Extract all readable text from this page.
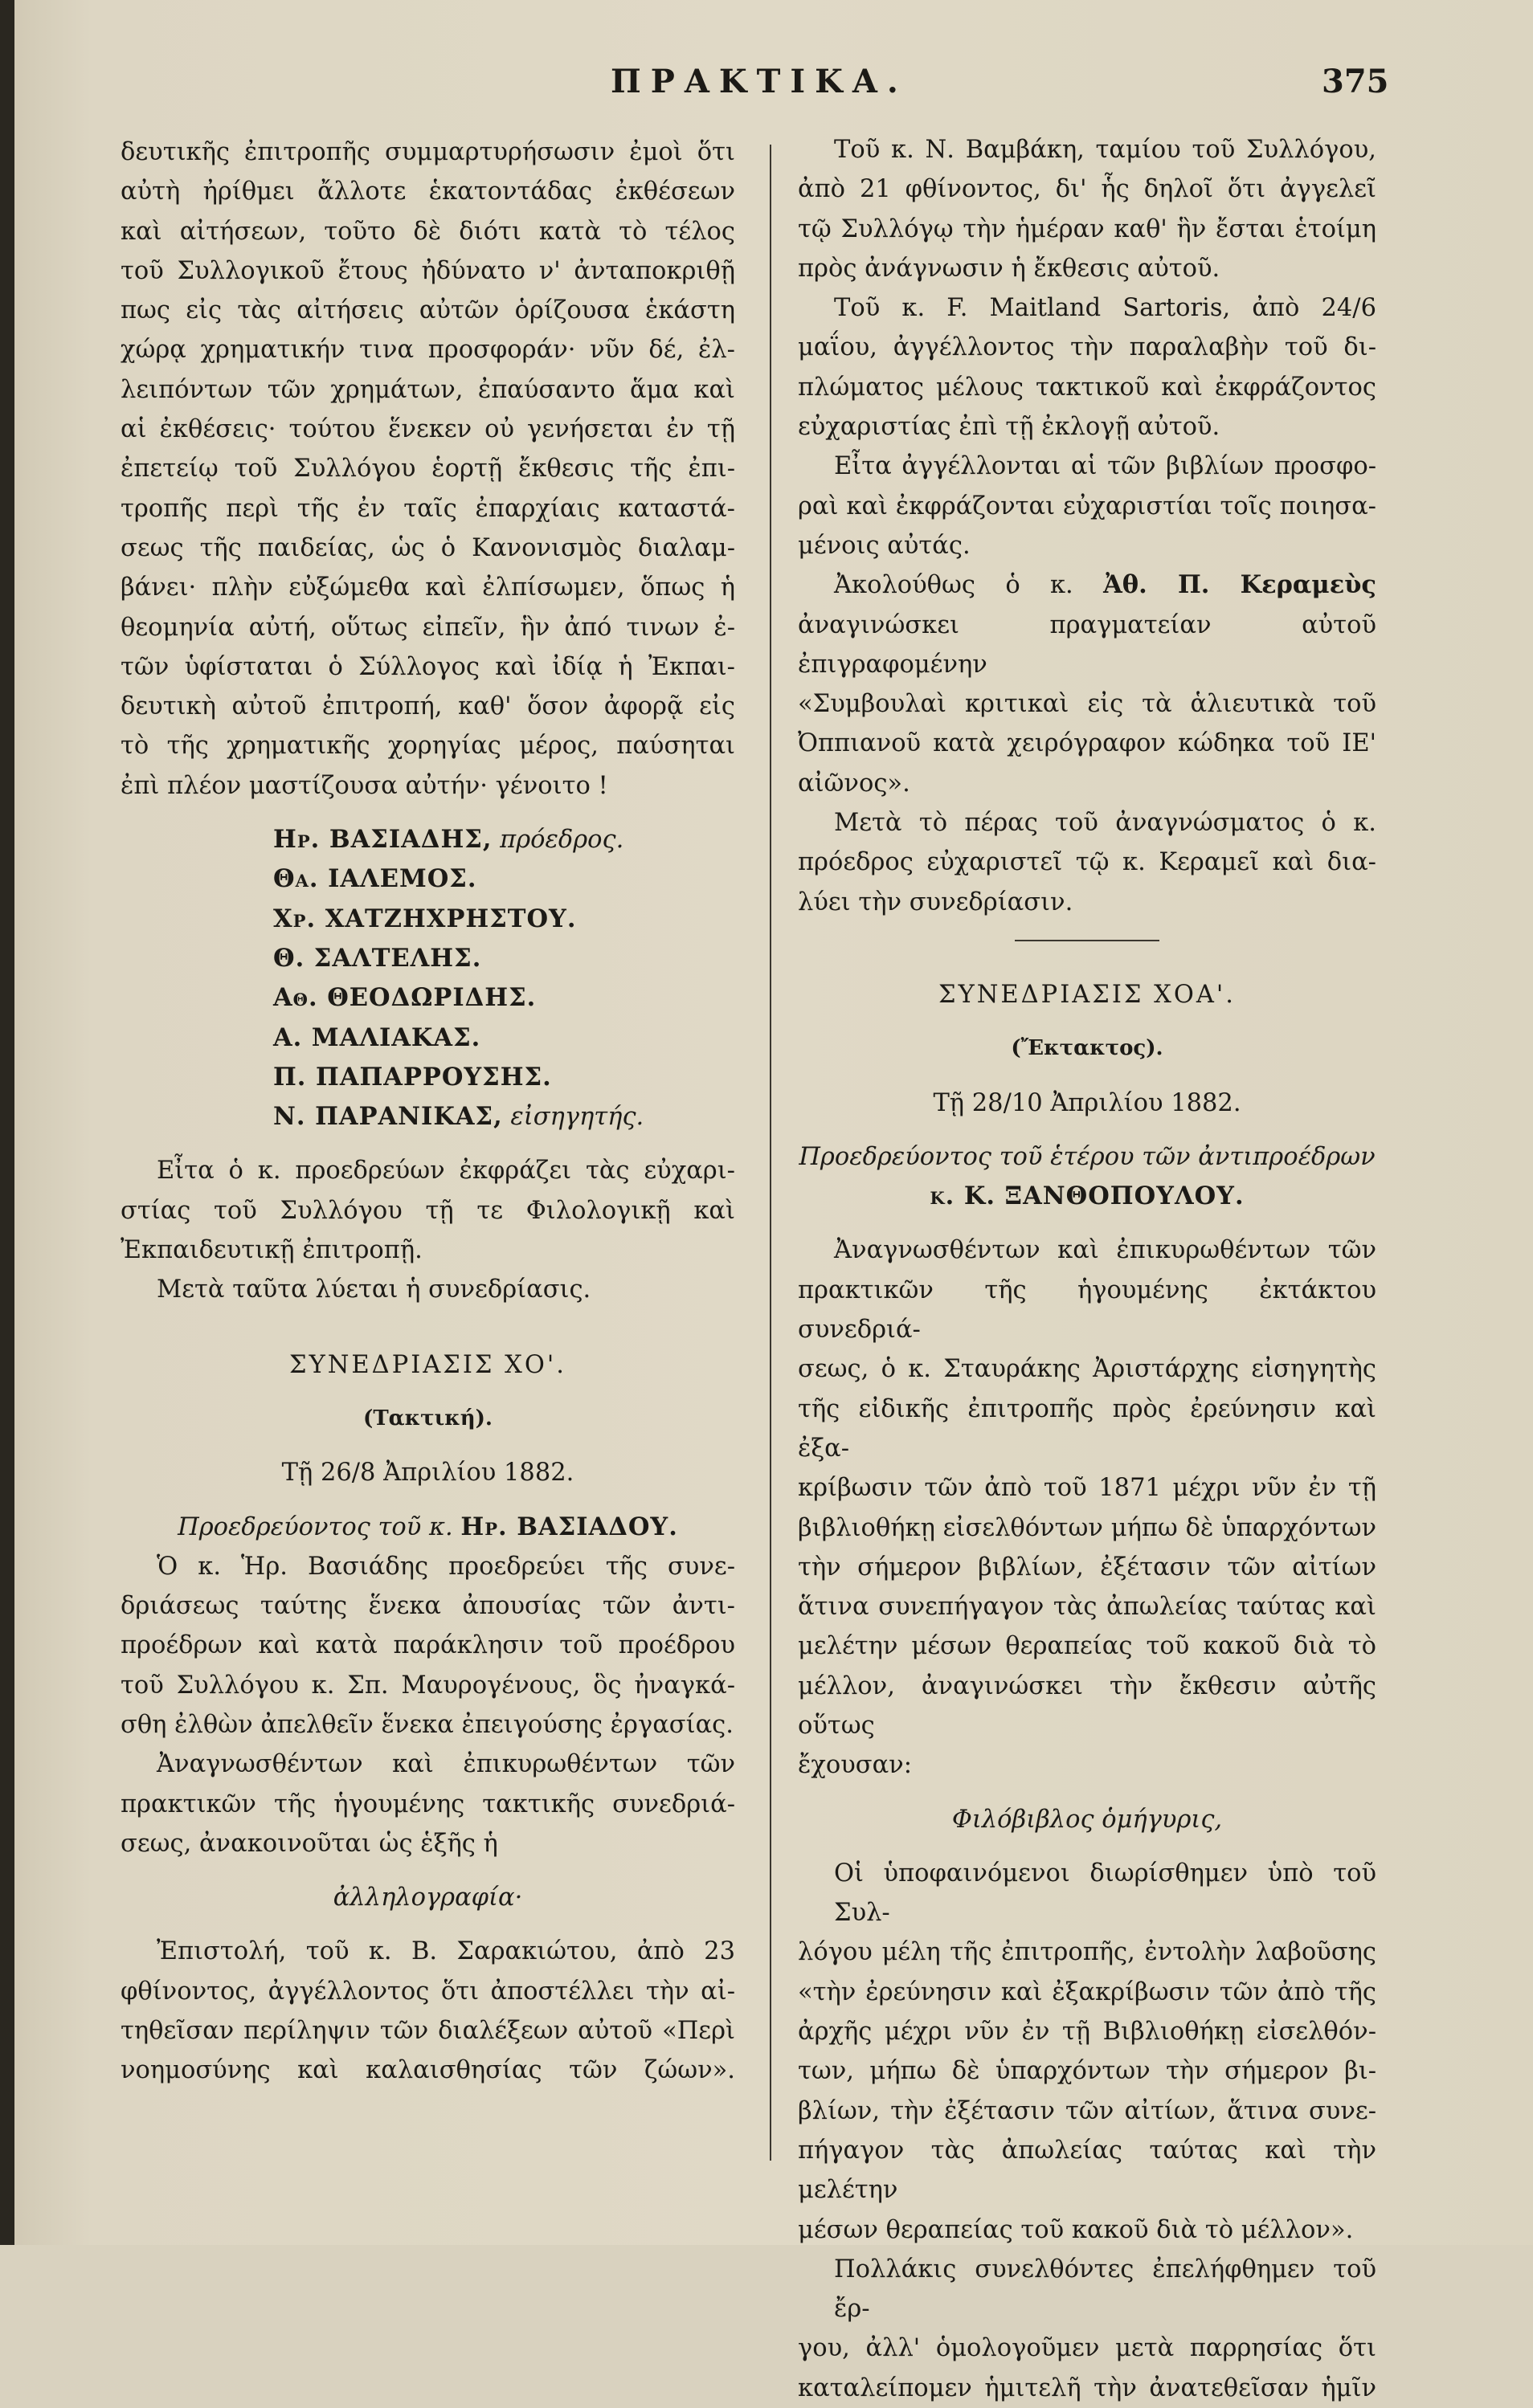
ΠΡΑΚΤΙΚΑ.	375
δευτικῆς ἐπιτροπῆς συμμαρτυρήσωσιν ἐμοὶ ὅτι
αὐτὴ ἠρίθμει ἄλλοτε ἑκατοντάδας ἐκθέσεων
καὶ αἰτήσεων, τοῦτο δὲ διότι κατὰ τὸ τέλος
τοῦ Συλλογικοῦ ἔτους ἠδύνατο ν' ἀνταποκριθῇ
πως εἰς τὰς αἰτήσεις αὐτῶν ὁρίζουσα ἑκάστη
χώρᾳ χρηματικήν τινα προσφοράν· νῦν δέ, ἐλ-
λειπόντων τῶν χρημάτων, ἐπαύσαντο ἅμα καὶ
αἱ ἐκθέσεις· τούτου ἕνεκεν οὐ γενήσεται ἐν τῇ
ἐπετείῳ τοῦ Συλλόγου ἑορτῇ ἔκθεσις τῆς ἐπι-
τροπῆς περὶ τῆς ἐν ταῖς ἐπαρχίαις καταστά-
σεως τῆς παιδείας, ὡς ὁ Κανονισμὸς διαλαμ-
βάνει· πλὴν εὐξώμεθα καὶ ἐλπίσωμεν, ὅπως ἡ
θεομηνία αὐτή, οὕτως εἰπεῖν, ἣν ἀπό τινων ἐ-
τῶν ὑφίσταται ὁ Σύλλογος καὶ ἰδίᾳ ἡ Ἐκπαι-
δευτικὴ αὐτοῦ ἐπιτροπή, καθ' ὅσον ἀφορᾷ εἰς
τὸ τῆς χρηματικῆς χορηγίας μέρος, παύσηται
ἐπὶ πλέον μαστίζουσα αὐτήν· γένοιτο !
Ηρ. ΒΑΣΙΑΔΗΣ, πρόεδρος.
Θα. ΙΑΛΕΜΟΣ.
Χρ. ΧΑΤΖΗΧΡΗΣΤΟΥ.
Θ. ΣΑΛΤΕΛΗΣ.
Αθ. ΘΕΟΔΩΡΙΔΗΣ.
Α. ΜΑΛΙΑΚΑΣ.
Π. ΠΑΠΑΡΡΟΥΣΗΣ.
Ν. ΠΑΡΑΝΙΚΑΣ, εἰσηγητής.
Εἶτα ὁ κ. προεδρεύων ἐκφράζει τὰς εὐχαρι-
στίας τοῦ Συλλόγου τῇ τε Φιλολογικῇ καὶ
Ἐκπαιδευτικῇ ἐπιτροπῇ.
Μετὰ ταῦτα λύεται ἡ συνεδρίασις.
ΣΥΝΕΔΡΙΑΣΙΣ ΧΟ'.
(Τακτική).
Τῇ 26/8 Ἀπριλίου 1882.
Προεδρεύοντος τοῦ κ. Ηρ. ΒΑΣΙΑΔΟΥ.
Ὁ κ. Ἡρ. Βασιάδης προεδρεύει τῆς συνε-
δριάσεως ταύτης ἕνεκα ἀπουσίας τῶν ἀντι-
προέδρων καὶ κατὰ παράκλησιν τοῦ προέδρου
τοῦ Συλλόγου κ. Σπ. Μαυρογένους, ὃς ἠναγκά-
σθη ἐλθὼν ἀπελθεῖν ἕνεκα ἐπειγούσης ἐργασίας.
Ἀναγνωσθέντων καὶ ἐπικυρωθέντων τῶν
πρακτικῶν τῆς ἡγουμένης τακτικῆς συνεδριά-
σεως, ἀνακοινοῦται ὡς ἑξῆς ἡ
ἀλληλογραφία·
Ἐπιστολή, τοῦ κ. Β. Σαρακιώτου, ἀπὸ 23
φθίνοντος, ἀγγέλλοντος ὅτι ἀποστέλλει τὴν αἰ-
τηθεῖσαν περίληψιν τῶν διαλέξεων αὐτοῦ «Περὶ
νοημοσύνης καὶ καλαισθησίας τῶν ζώων».
Τοῦ κ. Ν. Βαμβάκη, ταμίου τοῦ Συλλόγου,
ἀπὸ 21 φθίνοντος, δι' ἧς δηλοῖ ὅτι ἀγγελεῖ
τῷ Συλλόγῳ τὴν ἡμέραν καθ' ἣν ἔσται ἑτοίμη
πρὸς ἀνάγνωσιν ἡ ἔκθεσις αὐτοῦ.
Τοῦ κ. F. Maitland Sartoris, ἀπὸ 24/6
μαΐου, ἀγγέλλοντος τὴν παραλαβὴν τοῦ δι-
πλώματος μέλους τακτικοῦ καὶ ἐκφράζοντος
εὐχαριστίας ἐπὶ τῇ ἐκλογῇ αὐτοῦ.
Εἶτα ἀγγέλλονται αἱ τῶν βιβλίων προσφο-
ραὶ καὶ ἐκφράζονται εὐχαριστίαι τοῖς ποιησα-
μένοις αὐτάς.
Ἀκολούθως ὁ κ. Ἀθ. Π. Κεραμεὺς
ἀναγινώσκει πραγματείαν αὐτοῦ ἐπιγραφομένην
«Συμβουλαὶ κριτικαὶ εἰς τὰ ἁλιευτικὰ τοῦ
Ὀππιανοῦ κατὰ χειρόγραφον κώδηκα τοῦ ΙΕ'
αἰῶνος».
Μετὰ τὸ πέρας τοῦ ἀναγνώσματος ὁ κ.
πρόεδρος εὐχαριστεῖ τῷ κ. Κεραμεῖ καὶ δια-
λύει τὴν συνεδρίασιν.
ΣΥΝΕΔΡΙΑΣΙΣ ΧΟΑ'.
(Ἔκτακτος).
Τῇ 28/10 Ἀπριλίου 1882.
Προεδρεύοντος τοῦ ἑτέρου τῶν ἀντιπροέδρων
κ. Κ. ΞΑΝΘΟΠΟΥΛΟΥ.
Ἀναγνωσθέντων καὶ ἐπικυρωθέντων τῶν
πρακτικῶν τῆς ἡγουμένης ἐκτάκτου συνεδριά-
σεως, ὁ κ. Σταυράκης Ἀριστάρχης εἰσηγητὴς
τῆς εἰδικῆς ἐπιτροπῆς πρὸς ἐρεύνησιν καὶ ἐξα-
κρίβωσιν τῶν ἀπὸ τοῦ 1871 μέχρι νῦν ἐν τῇ
βιβλιοθήκῃ εἰσελθόντων μήπω δὲ ὑπαρχόντων
τὴν σήμερον βιβλίων, ἐξέτασιν τῶν αἰτίων
ἅτινα συνεπήγαγον τὰς ἀπωλείας ταύτας καὶ
μελέτην μέσων θεραπείας τοῦ κακοῦ διὰ τὸ
μέλλον, ἀναγινώσκει τὴν ἔκθεσιν αὐτῆς οὕτως
ἔχουσαν:
Φιλόβιβλος ὁμήγυρις,
Οἱ ὑποφαινόμενοι διωρίσθημεν ὑπὸ τοῦ Συλ-
λόγου μέλη τῆς ἐπιτροπῆς, ἐντολὴν λαβοῦσης
«τὴν ἐρεύνησιν καὶ ἐξακρίβωσιν τῶν ἀπὸ τῆς
ἀρχῆς μέχρι νῦν ἐν τῇ Βιβλιοθήκῃ εἰσελθόν-
των, μήπω δὲ ὑπαρχόντων τὴν σήμερον βι-
βλίων, τὴν ἐξέτασιν τῶν αἰτίων, ἅτινα συνε-
πήγαγον τὰς ἀπωλείας ταύτας καὶ τὴν μελέτην
μέσων θεραπείας τοῦ κακοῦ διὰ τὸ μέλλον».
Πολλάκις συνελθόντες ἐπελήφθημεν τοῦ ἔρ-
γου, ἀλλ' ὁμολογοῦμεν μετὰ παρρησίας ὅτι
καταλείπομεν ἡμιτελῆ τὴν ἀνατεθεῖσαν ἡμῖν
